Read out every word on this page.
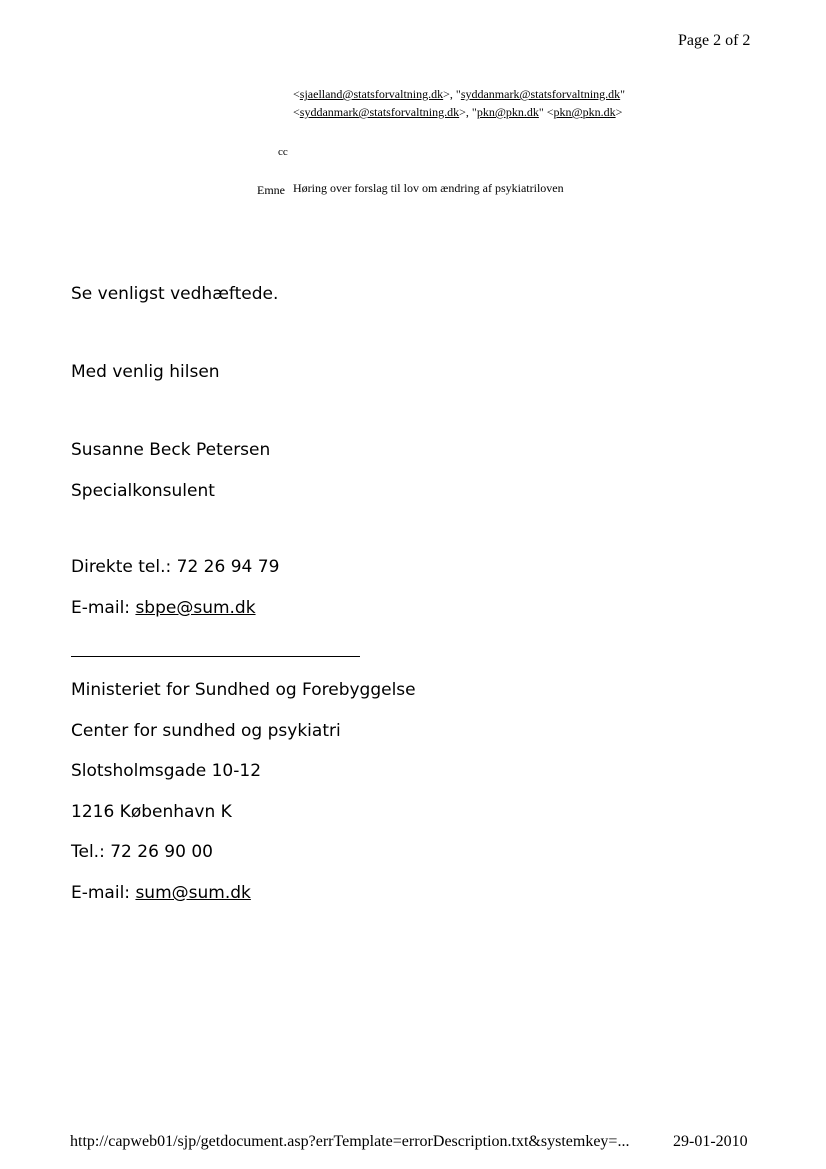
Page 2 of 2
<sjaelland@statsforvaltning.dk>, "syddanmark@statsforvaltning.dk"
<syddanmark@statsforvaltning.dk>, "pkn@pkn.dk" <pkn@pkn.dk>
cc
Emne Høring over forslag til lov om ændring af psykiatriloven
Se venligst vedhæftede.
Med venlig hilsen
Susanne Beck Petersen
Specialkonsulent
Direkte tel.: 72 26 94 79
E-mail: sbpe@sum.dk
Ministeriet for Sundhed og Forebyggelse
Center for sundhed og psykiatri
Slotsholmsgade 10-12
1216 København K
Tel.: 72 26 90 00
E-mail: sum@sum.dk
http://capweb01/sjp/getdocument.asp?errTemplate=errorDescription.txt&systemkey=...	29-01-2010
